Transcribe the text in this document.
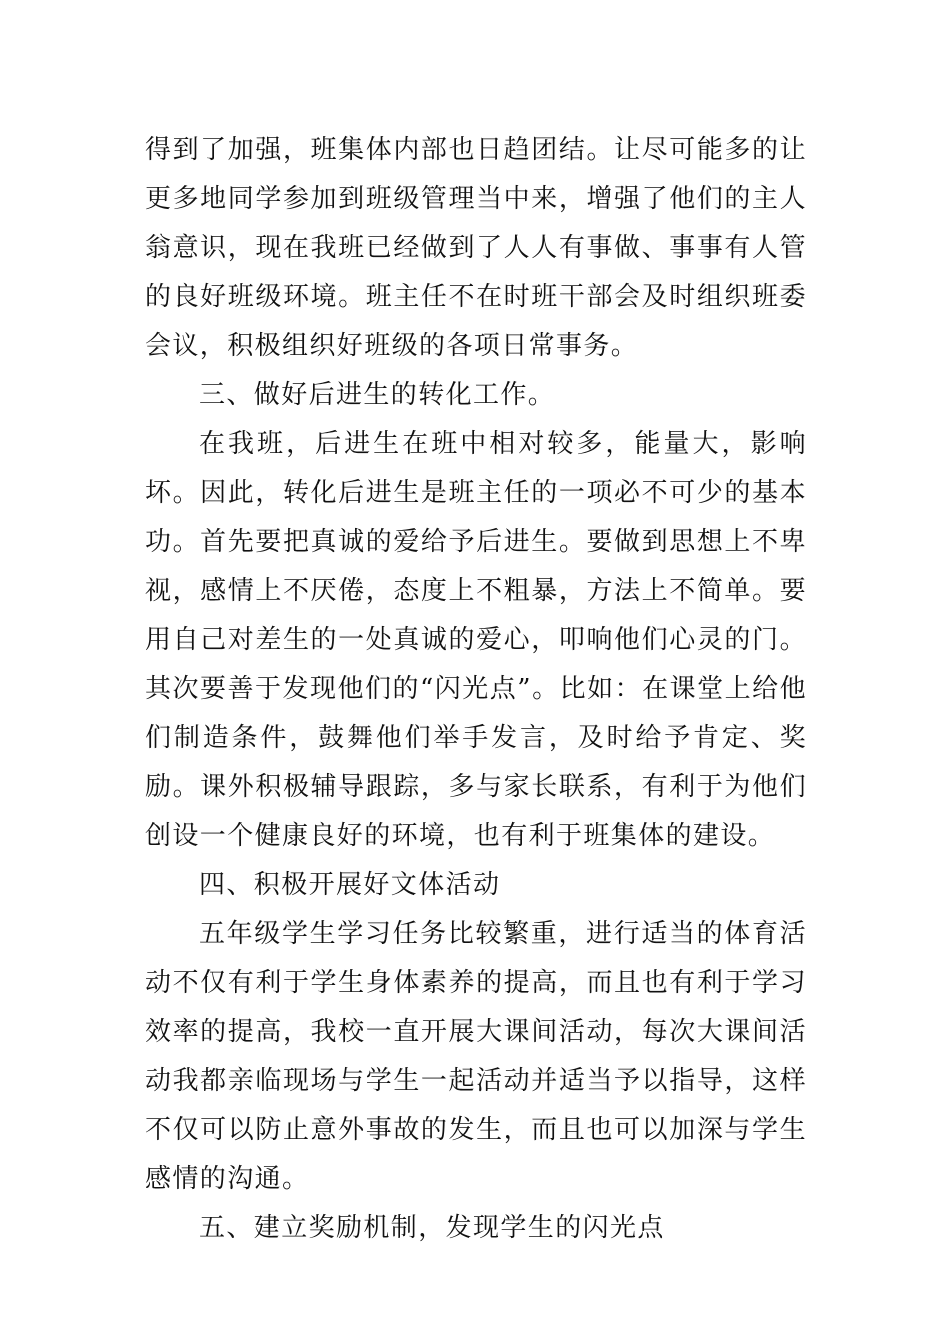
得到了加强，班集体内部也日趋团结。让尽可能多的让更多地同学参加到班级管理当中来，增强了他们的主人翁意识，现在我班已经做到了人人有事做、事事有人管的良好班级环境。班主任不在时班干部会及时组织班委会议，积极组织好班级的各项日常事务。

三、做好后进生的转化工作。

在我班，后进生在班中相对较多，能量大，影响坏。因此，转化后进生是班主任的一项必不可少的基本功。首先要把真诚的爱给予后进生。要做到思想上不卑视，感情上不厌倦，态度上不粗暴，方法上不简单。要用自己对差生的一处真诚的爱心，叩响他们心灵的门。其次要善于发现他们的“闪光点”。比如：在课堂上给他们制造条件，鼓舞他们举手发言，及时给予肯定、奖励。课外积极辅导跟踪，多与家长联系，有利于为他们创设一个健康良好的环境，也有利于班集体的建设。

四、积极开展好文体活动

五年级学生学习任务比较繁重，进行适当的体育活动不仅有利于学生身体素养的提高，而且也有利于学习效率的提高，我校一直开展大课间活动，每次大课间活动我都亲临现场与学生一起活动并适当予以指导，这样不仅可以防止意外事故的发生，而且也可以加深与学生感情的沟通。

五、建立奖励机制，发现学生的闪光点
